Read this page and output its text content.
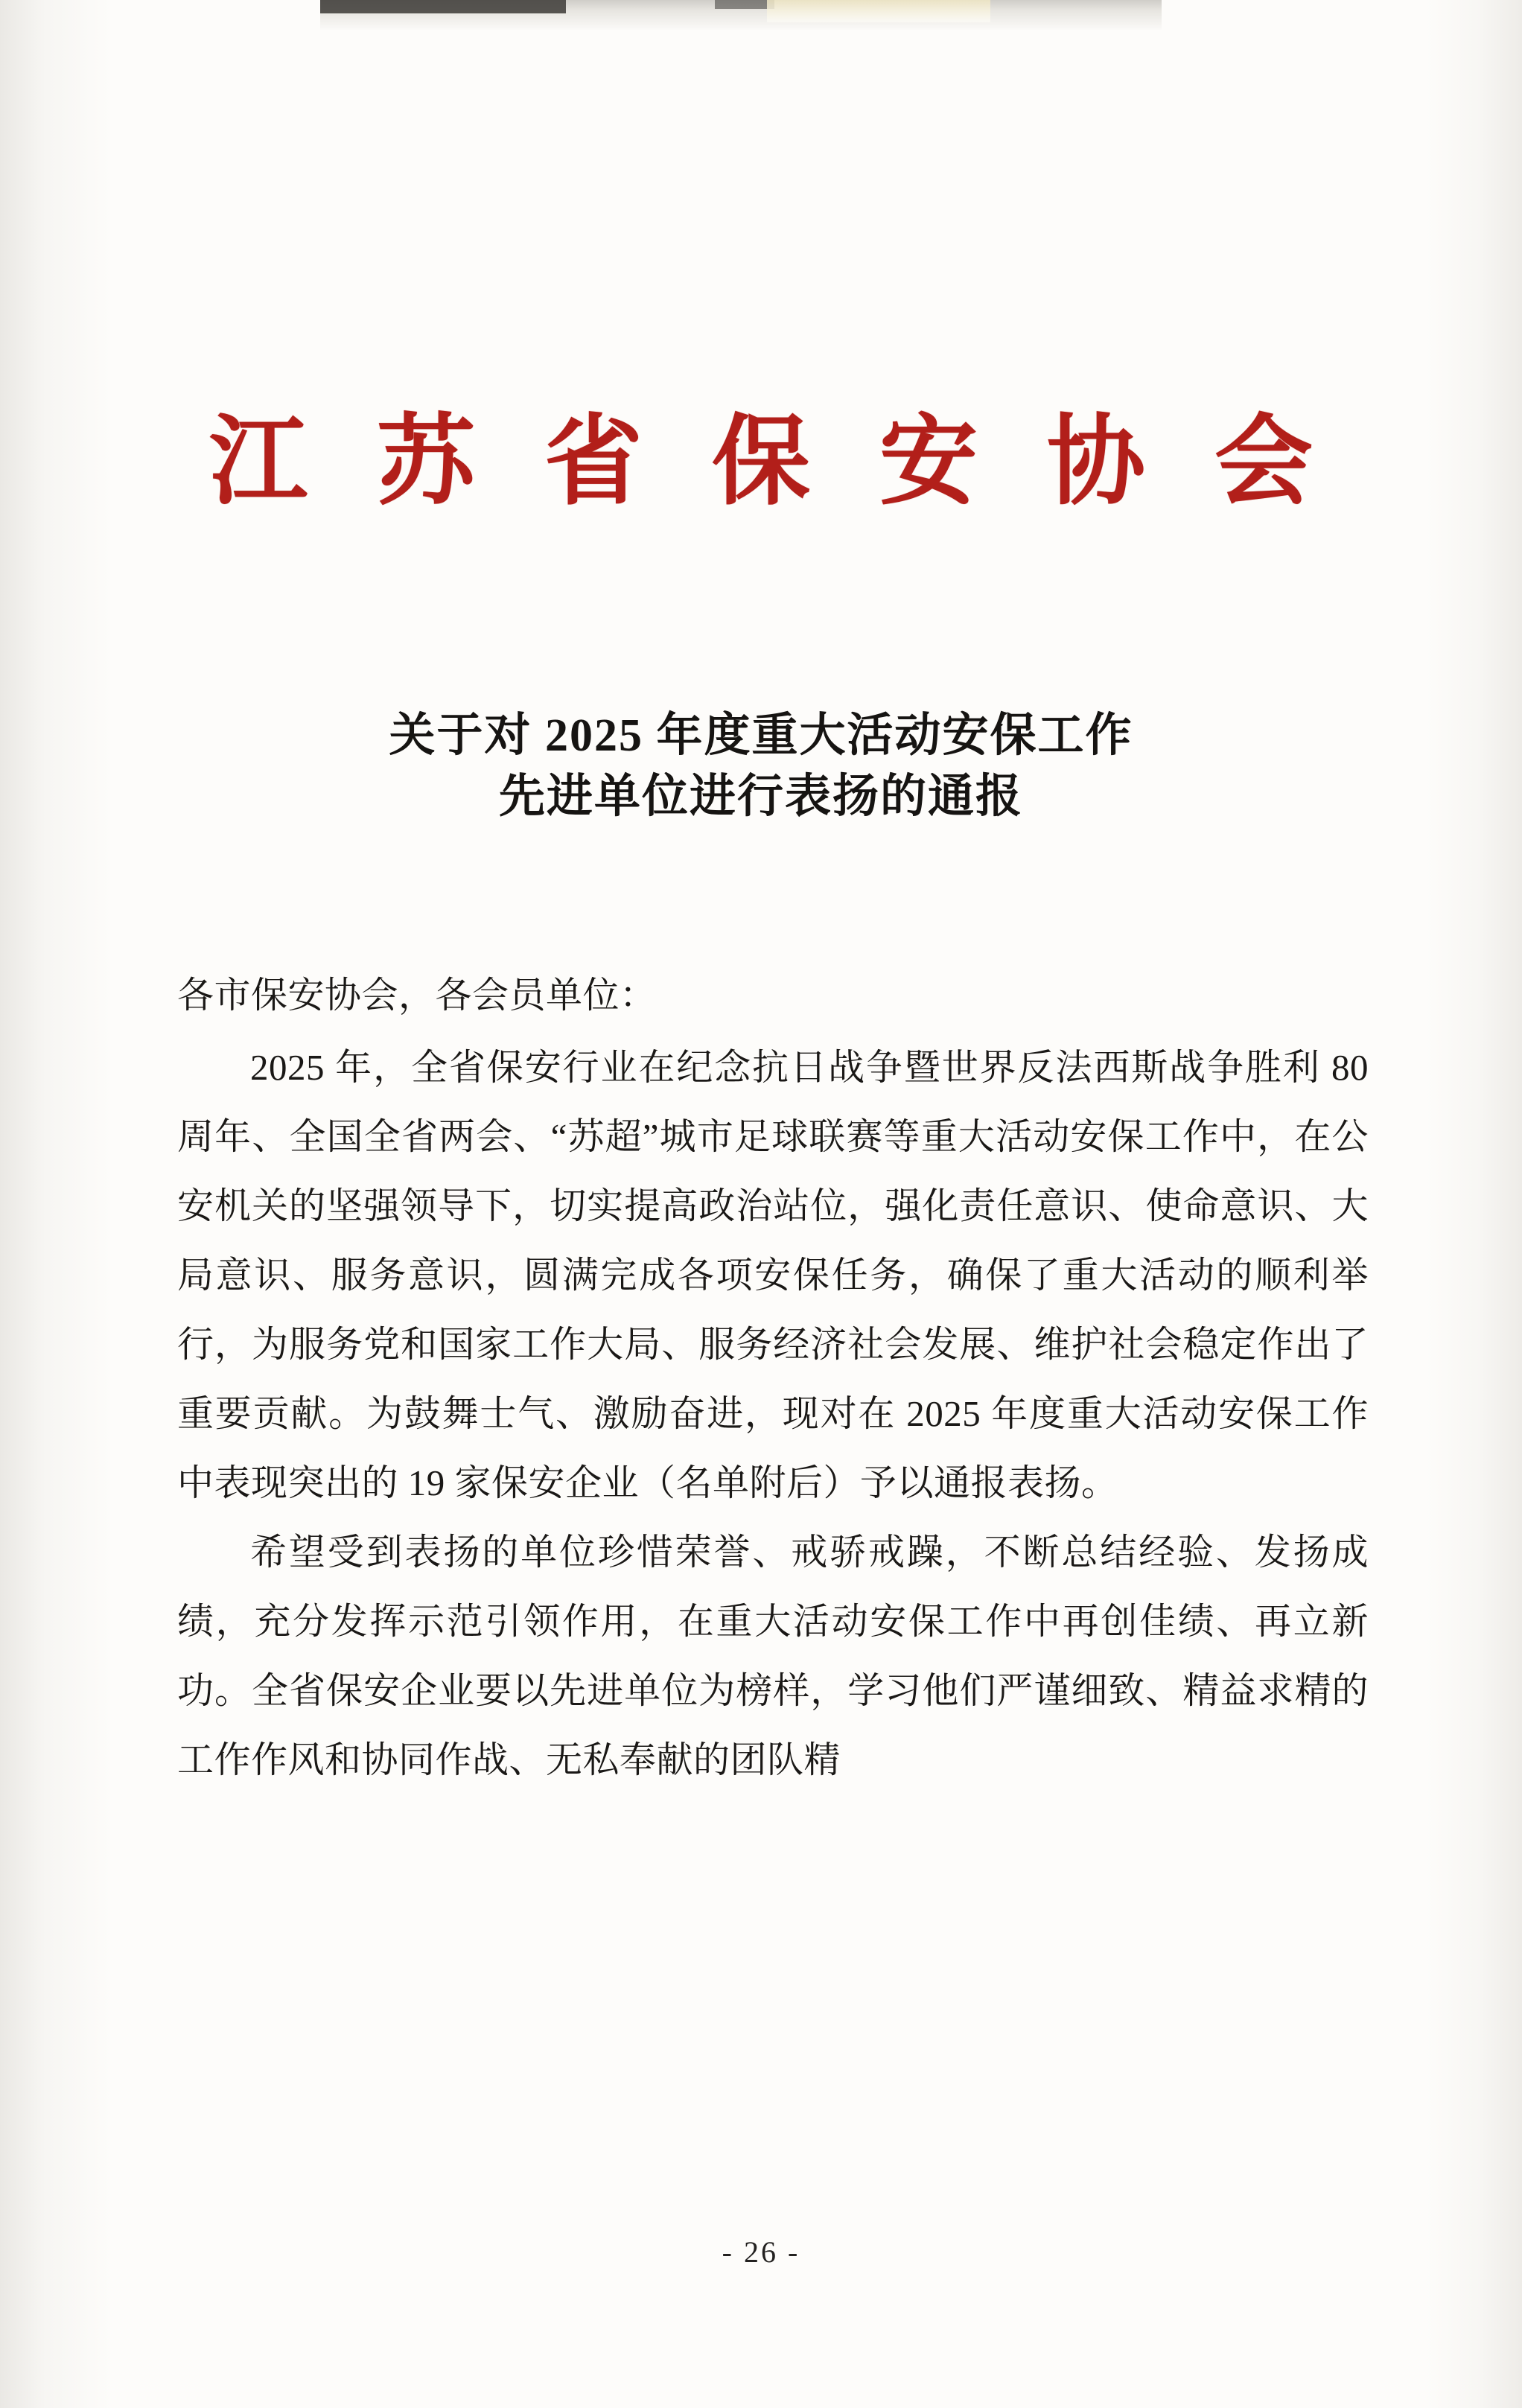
江 苏 省 保 安 协 会
关于对 2025 年度重大活动安保工作
先进单位进行表扬的通报

各市保安协会，各会员单位：

2025 年，全省保安行业在纪念抗日战争暨世界反法西斯战争胜利 80 周年、全国全省两会、“苏超”城市足球联赛等重大活动安保工作中，在公安机关的坚强领导下，切实提高政治站位，强化责任意识、使命意识、大局意识、服务意识，圆满完成各项安保任务，确保了重大活动的顺利举行，为服务党和国家工作大局、服务经济社会发展、维护社会稳定作出了重要贡献。为鼓舞士气、激励奋进，现对在 2025 年度重大活动安保工作中表现突出的 19 家保安企业（名单附后）予以通报表扬。

希望受到表扬的单位珍惜荣誉、戒骄戒躁，不断总结经验、发扬成绩，充分发挥示范引领作用，在重大活动安保工作中再创佳绩、再立新功。全省保安企业要以先进单位为榜样，学习他们严谨细致、精益求精的工作作风和协同作战、无私奉献的团队精

- 26 -
